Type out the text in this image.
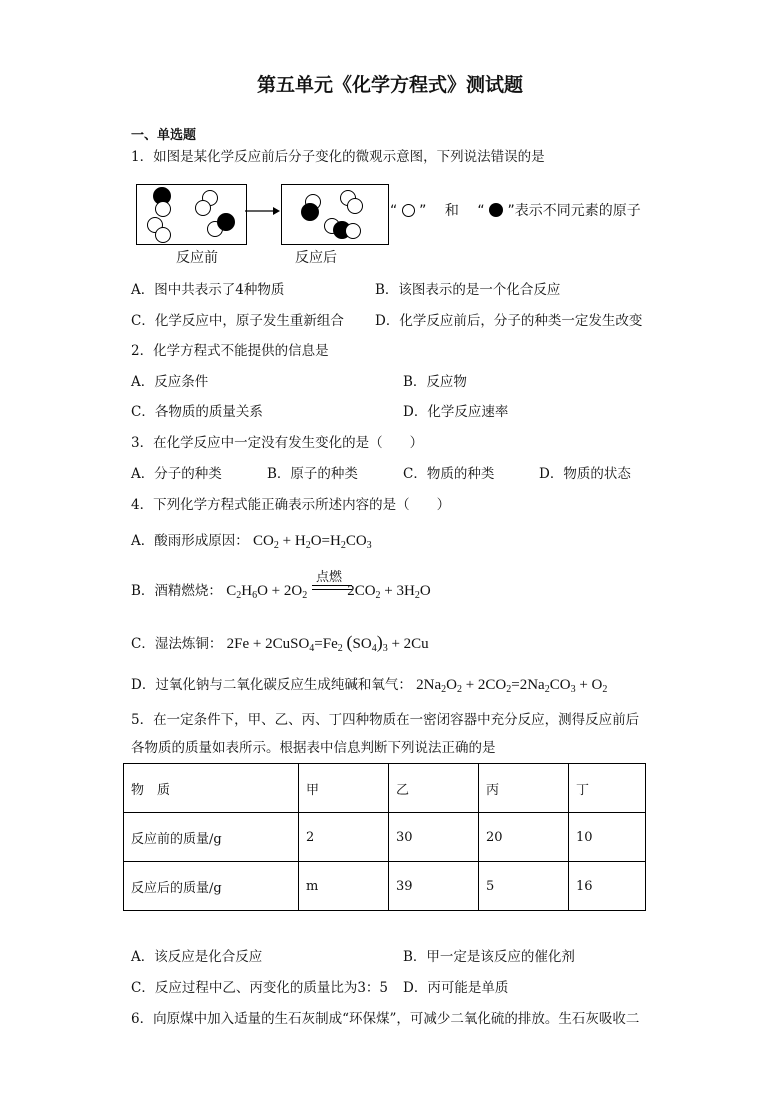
第五单元《化学方程式》测试题
一、单选题
1．如图是某化学反应前后分子变化的微观示意图，下列说法错误的是
反应前	反应后
“ ” 和 “ ”表示不同元素的原子
A．图中共表示了4种物质	B．该图表示的是一个化合反应
C．化学反应中，原子发生重新组合 D．化学反应前后，分子的种类一定发生改变
2．化学方程式不能提供的信息是
A．反应条件	B．反应物
C．各物质的质量关系	D．化学反应速率
3．在化学反应中一定没有发生变化的是（　　）
A．分子的种类	B．原子的种类	C．物质的种类	D．物质的状态
4．下列化学方程式能正确表示所述内容的是（　　）
A．酸雨形成原因： $CO_2 + H_2O=H_2CO_3$
B．酒精燃烧： $C_2H_6O + 2O_2$	$2CO_2 + 3H_2O$
点燃
C．湿法炼铜： $2Fe + 2CuSO_4=Fe_2$ $(SO_4)_3 + 2Cu$
D．过氧化钠与二氧化碳反应生成纯碱和氧气： $2Na_2O_2 + 2CO_2=2Na_2CO_3 + O_2$
5．在一定条件下，甲、乙、丙、丁四种物质在一密闭容器中充分反应，测得反应前后
各物质的质量如表所示。根据表中信息判断下列说法正确的是
物　质	甲	乙	丙	丁
反应前的质量/g	2	30	20	10
反应后的质量/g	m	39	5	16
A．该反应是化合反应	B．甲一定是该反应的催化剂
C．反应过程中乙、丙变化的质量比为3：5 D．丙可能是单质
6．向原煤中加入适量的生石灰制成“环保煤”，可减少二氧化硫的排放。生石灰吸收二
